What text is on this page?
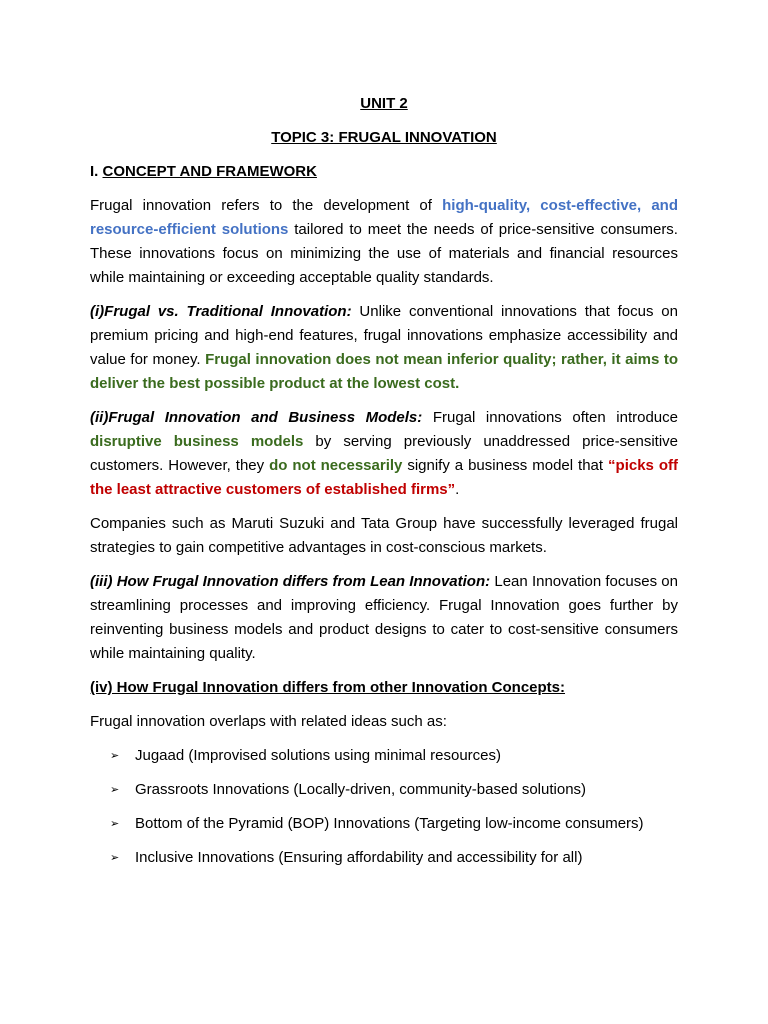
UNIT 2
TOPIC 3: FRUGAL INNOVATION
I. CONCEPT AND FRAMEWORK

Frugal innovation refers to the development of high-quality, cost-effective, and resource-efficient solutions tailored to meet the needs of price-sensitive consumers. These innovations focus on minimizing the use of materials and financial resources while maintaining or exceeding acceptable quality standards.

(i)Frugal vs. Traditional Innovation: Unlike conventional innovations that focus on premium pricing and high-end features, frugal innovations emphasize accessibility and value for money. Frugal innovation does not mean inferior quality; rather, it aims to deliver the best possible product at the lowest cost.

(ii)Frugal Innovation and Business Models: Frugal innovations often introduce disruptive business models by serving previously unaddressed price-sensitive customers. However, they do not necessarily signify a business model that “picks off the least attractive customers of established firms”.

Companies such as Maruti Suzuki and Tata Group have successfully leveraged frugal strategies to gain competitive advantages in cost-conscious markets.

(iii) How Frugal Innovation differs from Lean Innovation: Lean Innovation focuses on streamlining processes and improving efficiency. Frugal Innovation goes further by reinventing business models and product designs to cater to cost-sensitive consumers while maintaining quality.

(iv) How Frugal Innovation differs from other Innovation Concepts:

Frugal innovation overlaps with related ideas such as:

➢ Jugaad (Improvised solutions using minimal resources)
➢ Grassroots Innovations (Locally-driven, community-based solutions)
➢ Bottom of the Pyramid (BOP) Innovations (Targeting low-income consumers)
➢ Inclusive Innovations (Ensuring affordability and accessibility for all)
